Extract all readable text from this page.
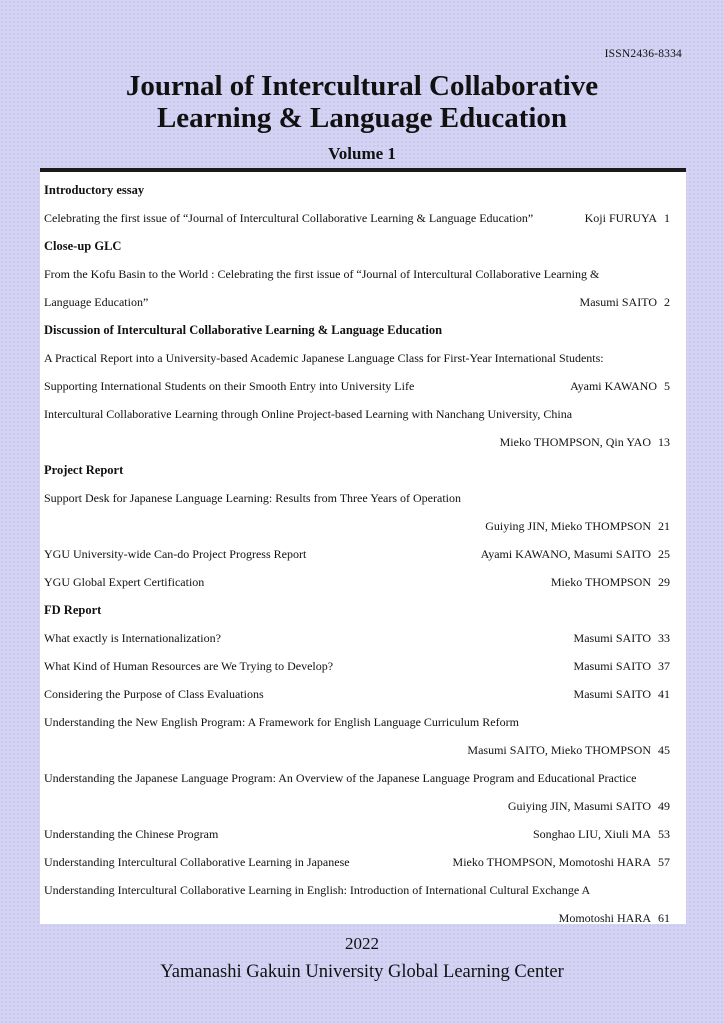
ISSN2436-8334
Journal of Intercultural Collaborative
Learning & Language Education
Volume 1
Introductory essay
Celebrating the first issue of “Journal of Intercultural Collaborative Learning & Language Education”	Koji FURUYA 1
Close-up GLC
From the Kofu Basin to the World : Celebrating the first issue of “Journal of Intercultural Collaborative Learning &
Language Education”	Masumi SAITO 2
Discussion of Intercultural Collaborative Learning & Language Education
A Practical Report into a University-based Academic Japanese Language Class for First-Year International Students:
Supporting International Students on their Smooth Entry into University Life	Ayami KAWANO 5
Intercultural Collaborative Learning through Online Project-based Learning with Nanchang University, China
Mieko THOMPSON, Qin YAO 13
Project Report
Support Desk for Japanese Language Learning: Results from Three Years of Operation
Guiying JIN, Mieko THOMPSON 21
YGU University-wide Can-do Project Progress Report	Ayami KAWANO, Masumi SAITO 25
YGU Global Expert Certification	Mieko THOMPSON 29
FD Report
What exactly is Internationalization?	Masumi SAITO 33
What Kind of Human Resources are We Trying to Develop?	Masumi SAITO 37
Considering the Purpose of Class Evaluations	Masumi SAITO 41
Understanding the New English Program: A Framework for English Language Curriculum Reform
Masumi SAITO, Mieko THOMPSON 45
Understanding the Japanese Language Program: An Overview of the Japanese Language Program and Educational Practice
Guiying JIN, Masumi SAITO 49
Understanding the Chinese Program	Songhao LIU, Xiuli MA 53
Understanding Intercultural Collaborative Learning in Japanese	Mieko THOMPSON, Momotoshi HARA 57
Understanding Intercultural Collaborative Learning in English: Introduction of International Cultural Exchange A
Momotoshi HARA 61
2022
Yamanashi Gakuin University Global Learning Center
